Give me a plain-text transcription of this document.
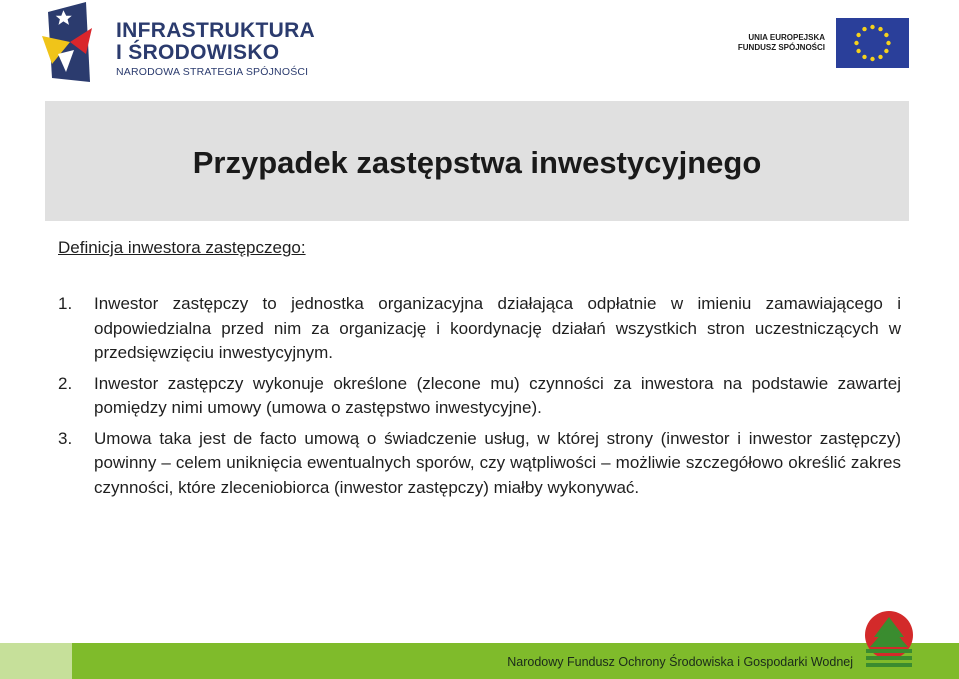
INFRASTRUKTURA
I ŚRODOWISKO
NARODOWA STRATEGIA SPÓJNOŚCI
UNIA EUROPEJSKA
FUNDUSZ SPÓJNOŚCI
Przypadek zastępstwa inwestycyjnego
Definicja inwestora zastępczego:
1. Inwestor zastępczy to jednostka organizacyjna działająca odpłatnie w imieniu zamawiającego i odpowiedzialna przed nim za organizację i koordynację działań wszystkich stron uczestniczących w przedsięwzięciu inwestycyjnym.
2. Inwestor zastępczy wykonuje określone (zlecone mu) czynności za inwestora na podstawie zawartej pomiędzy nimi umowy (umowa o zastępstwo inwestycyjne).
3. Umowa taka jest de facto umową o świadczenie usług, w której strony (inwestor i inwestor zastępczy) powinny – celem uniknięcia ewentualnych sporów, czy wątpliwości – możliwie szczegółowo określić zakres czynności, które zleceniobiorca (inwestor zastępczy) miałby wykonywać.
Narodowy Fundusz Ochrony Środowiska i Gospodarki Wodnej
